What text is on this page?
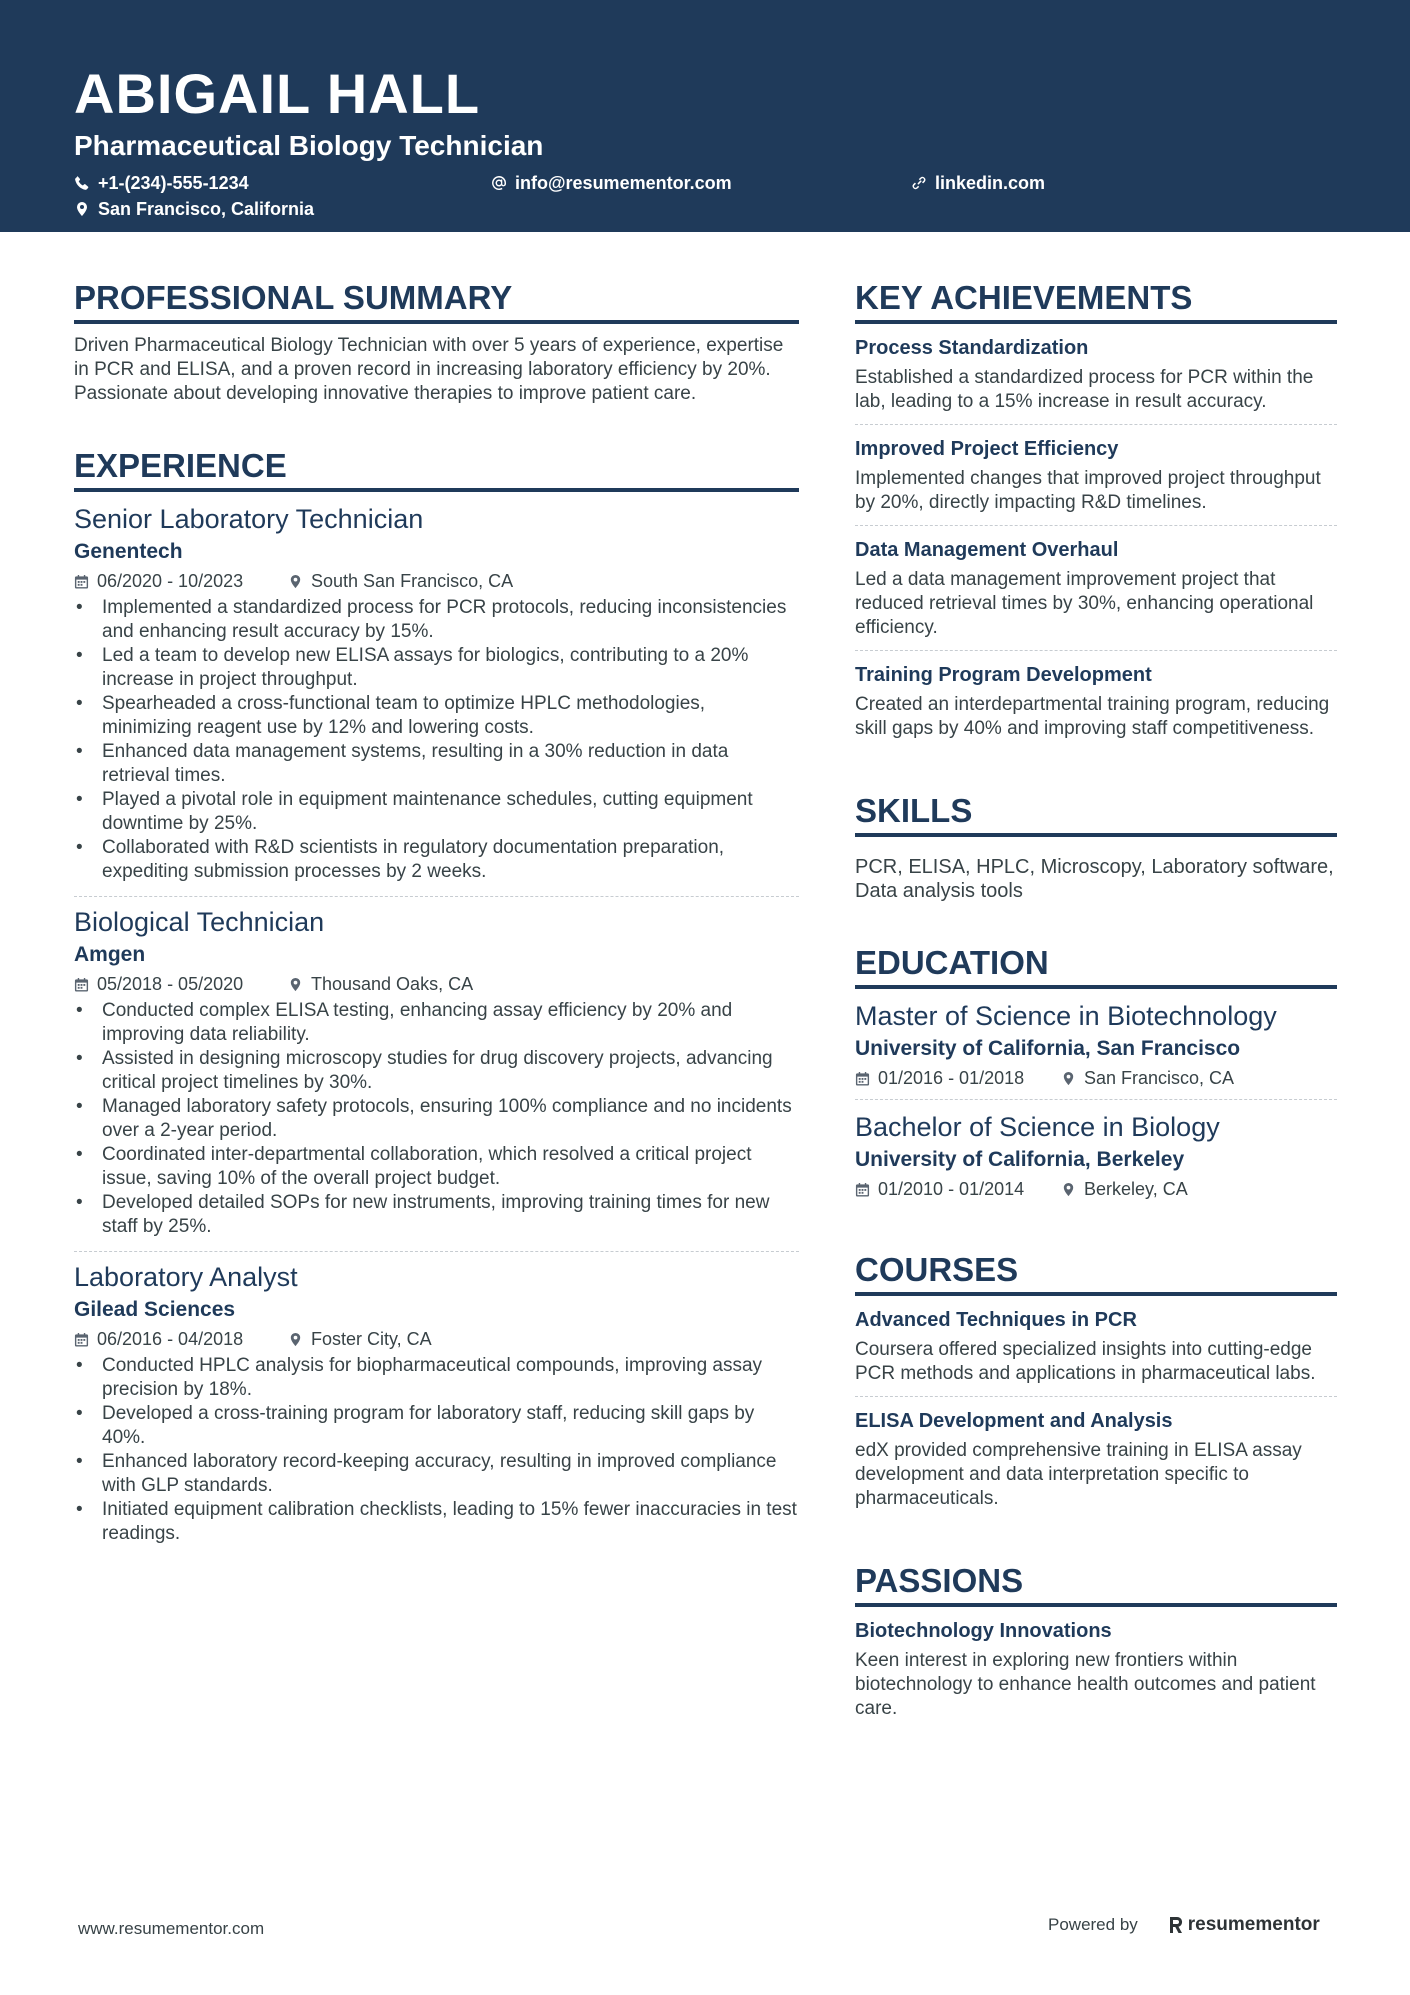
ABIGAIL HALL
Pharmaceutical Biology Technician
+1-(234)-555-1234	info@resumementor.com	linkedin.com
San Francisco, California
PROFESSIONAL SUMMARY
Driven Pharmaceutical Biology Technician with over 5 years of experience, expertise in PCR and ELISA, and a proven record in increasing laboratory efficiency by 20%. Passionate about developing innovative therapies to improve patient care.
EXPERIENCE
Senior Laboratory Technician
Genentech
06/2020 - 10/2023	South San Francisco, CA
• Implemented a standardized process for PCR protocols, reducing inconsistencies and enhancing result accuracy by 15%.
• Led a team to develop new ELISA assays for biologics, contributing to a 20% increase in project throughput.
• Spearheaded a cross-functional team to optimize HPLC methodologies, minimizing reagent use by 12% and lowering costs.
• Enhanced data management systems, resulting in a 30% reduction in data retrieval times.
• Played a pivotal role in equipment maintenance schedules, cutting equipment downtime by 25%.
• Collaborated with R&D scientists in regulatory documentation preparation, expediting submission processes by 2 weeks.
Biological Technician
Amgen
05/2018 - 05/2020	Thousand Oaks, CA
• Conducted complex ELISA testing, enhancing assay efficiency by 20% and improving data reliability.
• Assisted in designing microscopy studies for drug discovery projects, advancing critical project timelines by 30%.
• Managed laboratory safety protocols, ensuring 100% compliance and no incidents over a 2-year period.
• Coordinated inter-departmental collaboration, which resolved a critical project issue, saving 10% of the overall project budget.
• Developed detailed SOPs for new instruments, improving training times for new staff by 25%.
Laboratory Analyst
Gilead Sciences
06/2016 - 04/2018	Foster City, CA
• Conducted HPLC analysis for biopharmaceutical compounds, improving assay precision by 18%.
• Developed a cross-training program for laboratory staff, reducing skill gaps by 40%.
• Enhanced laboratory record-keeping accuracy, resulting in improved compliance with GLP standards.
• Initiated equipment calibration checklists, leading to 15% fewer inaccuracies in test readings.
KEY ACHIEVEMENTS
Process Standardization
Established a standardized process for PCR within the lab, leading to a 15% increase in result accuracy.
Improved Project Efficiency
Implemented changes that improved project throughput by 20%, directly impacting R&D timelines.
Data Management Overhaul
Led a data management improvement project that reduced retrieval times by 30%, enhancing operational efficiency.
Training Program Development
Created an interdepartmental training program, reducing skill gaps by 40% and improving staff competitiveness.
SKILLS
PCR, ELISA, HPLC, Microscopy, Laboratory software, Data analysis tools
EDUCATION
Master of Science in Biotechnology
University of California, San Francisco
01/2016 - 01/2018	San Francisco, CA
Bachelor of Science in Biology
University of California, Berkeley
01/2010 - 01/2014	Berkeley, CA
COURSES
Advanced Techniques in PCR
Coursera offered specialized insights into cutting-edge PCR methods and applications in pharmaceutical labs.
ELISA Development and Analysis
edX provided comprehensive training in ELISA assay development and data interpretation specific to pharmaceuticals.
PASSIONS
Biotechnology Innovations
Keen interest in exploring new frontiers within biotechnology to enhance health outcomes and patient care.
www.resumementor.com	Powered by	resumementor
